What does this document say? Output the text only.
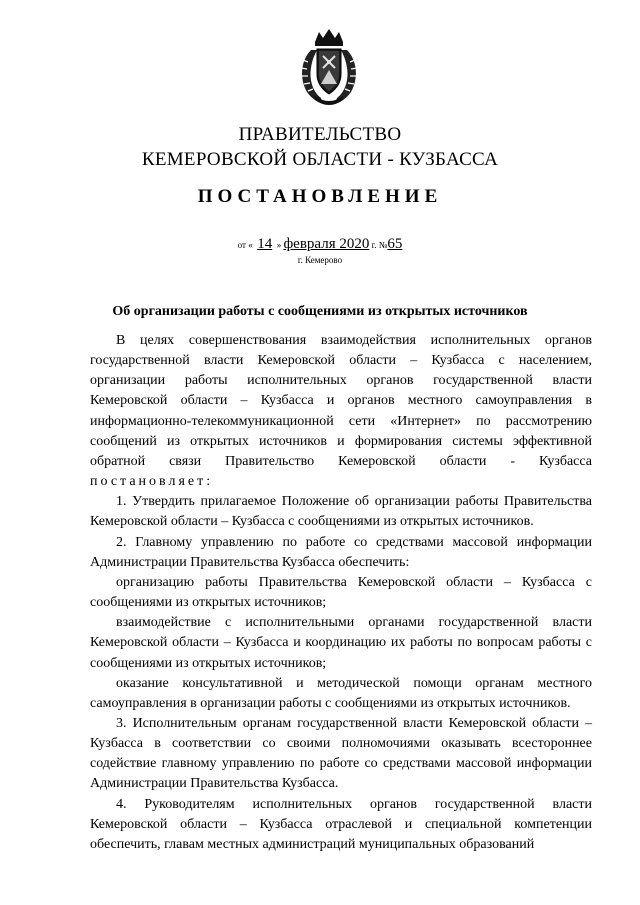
ПРАВИТЕЛЬСТВО
КЕМЕРОВСКОЙ ОБЛАСТИ - КУЗБАССА
ПОСТАНОВЛЕНИЕ
от « 14 » февраля 2020 г. №65
г. Кемерово
Об организации работы с сообщениями из открытых источников

В целях совершенствования взаимодействия исполнительных органов государственной власти Кемеровской области – Кузбасса с населением, организации работы исполнительных органов государственной власти Кемеровской области – Кузбасса и органов местного самоуправления в информационно-телекоммуникационной сети «Интернет» по рассмотрению сообщений из открытых источников и формирования системы эффективной обратной связи Правительство Кемеровской области - Кузбасса постановляет:

1. Утвердить прилагаемое Положение об организации работы Правительства Кемеровской области – Кузбасса с сообщениями из открытых источников.

2. Главному управлению по работе со средствами массовой информации Администрации Правительства Кузбасса обеспечить:

организацию работы Правительства Кемеровской области – Кузбасса с сообщениями из открытых источников;

взаимодействие с исполнительными органами государственной власти Кемеровской области – Кузбасса и координацию их работы по вопросам работы с сообщениями из открытых источников;

оказание консультативной и методической помощи органам местного самоуправления в организации работы с сообщениями из открытых источников.

3. Исполнительным органам государственной власти Кемеровской области – Кузбасса в соответствии со своими полномочиями оказывать всестороннее содействие главному управлению по работе со средствами массовой информации Администрации Правительства Кузбасса.

4. Руководителям исполнительных органов государственной власти Кемеровской области – Кузбасса отраслевой и специальной компетенции обеспечить, главам местных администраций муниципальных образований
